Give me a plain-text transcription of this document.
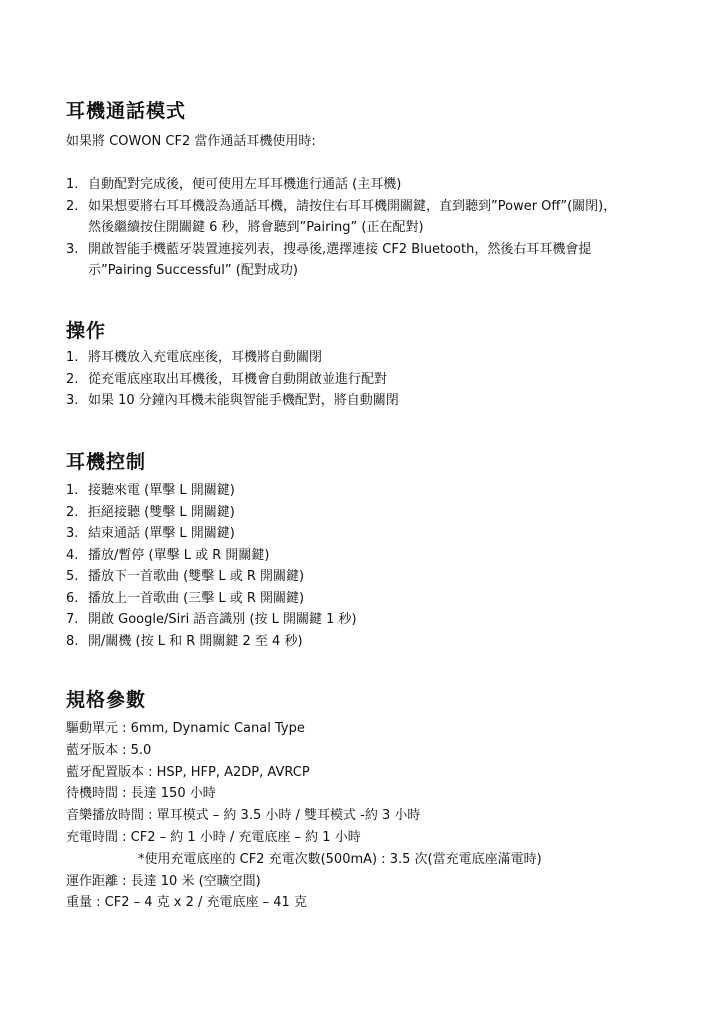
耳機通話模式

如果將 COWON CF2 當作通話耳機使用時:

1. 自動配對完成後，便可使用左耳耳機進行通話 (主耳機)
2. 如果想要將右耳耳機設為通話耳機，請按住右耳耳機開關鍵，直到聽到”Power Off”(關閉)，
然後繼續按住開關鍵 6 秒，將會聽到”Pairing” (正在配對)
3. 開啟智能手機藍牙裝置連接列表，搜尋後,選擇連接 CF2 Bluetooth，然後右耳耳機會提
示”Pairing Successful” (配對成功)
操作
1. 將耳機放入充電底座後，耳機將自動關閉
2. 從充電底座取出耳機後，耳機會自動開啟並進行配對
3. 如果 10 分鐘內耳機未能與智能手機配對，將自動關閉
耳機控制
1. 接聽來電 (單擊 L 開關鍵)
2. 拒絕接聽 (雙擊 L 開關鍵)
3. 結束通話 (單擊 L 開關鍵)
4. 播放/暫停 (單擊 L 或 R 開關鍵)
5. 播放下一首歌曲 (雙擊 L 或 R 開關鍵)
6. 播放上一首歌曲 (三擊 L 或 R 開關鍵)
7. 開啟 Google/Siri 語音識別 (按 L 開關鍵 1 秒)
8. 開/關機 (按 L 和 R 開關鍵 2 至 4 秒)
規格參數
驅動單元 : 6mm, Dynamic Canal Type
藍牙版本 : 5.0
藍牙配置版本 : HSP, HFP, A2DP, AVRCP
待機時間 : 長達 150 小時
音樂播放時間 : 單耳模式 – 約 3.5 小時 / 雙耳模式 -約 3 小時
充電時間 : CF2 – 約 1 小時 / 充電底座 – 約 1 小時
*使用充電底座的 CF2 充電次數(500mA) : 3.5 次(當充電底座滿電時)
運作距離 : 長達 10 米 (空曠空間)
重量 : CF2 – 4 克 x 2 / 充電底座 – 41 克
